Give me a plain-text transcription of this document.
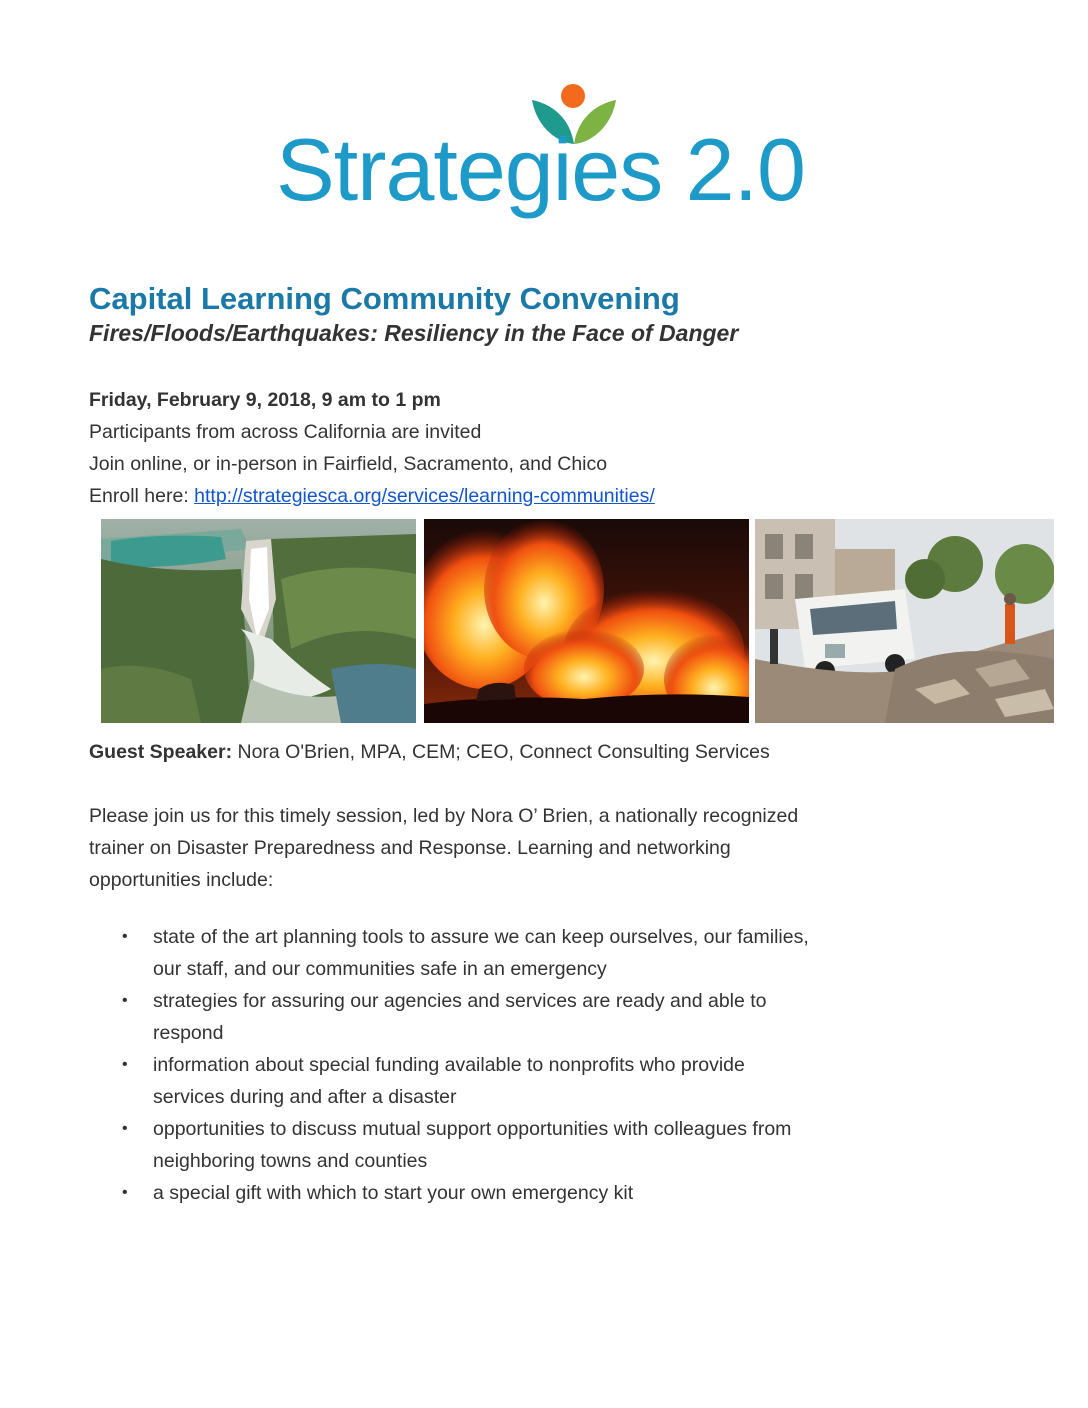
Strategies 2.0
Capital Learning Community Convening
Fires/Floods/Earthquakes: Resiliency in the Face of Danger
Friday, February 9, 2018, 9 am to 1 pm
Participants from across California are invited
Join online, or in-person in Fairfield, Sacramento, and Chico
Enroll here: http://strategiesca.org/services/learning-communities/
Guest Speaker: Nora O'Brien, MPA, CEM; CEO, Connect Consulting Services
Please join us for this timely session, led by Nora O’ Brien, a nationally recognized
trainer on Disaster Preparedness and Response. Learning and networking
opportunities include:
• state of the art planning tools to assure we can keep ourselves, our families,
our staff, and our communities safe in an emergency
• strategies for assuring our agencies and services are ready and able to
respond
• information about special funding available to nonprofits who provide
services during and after a disaster
• opportunities to discuss mutual support opportunities with colleagues from
neighboring towns and counties
• a special gift with which to start your own emergency kit
